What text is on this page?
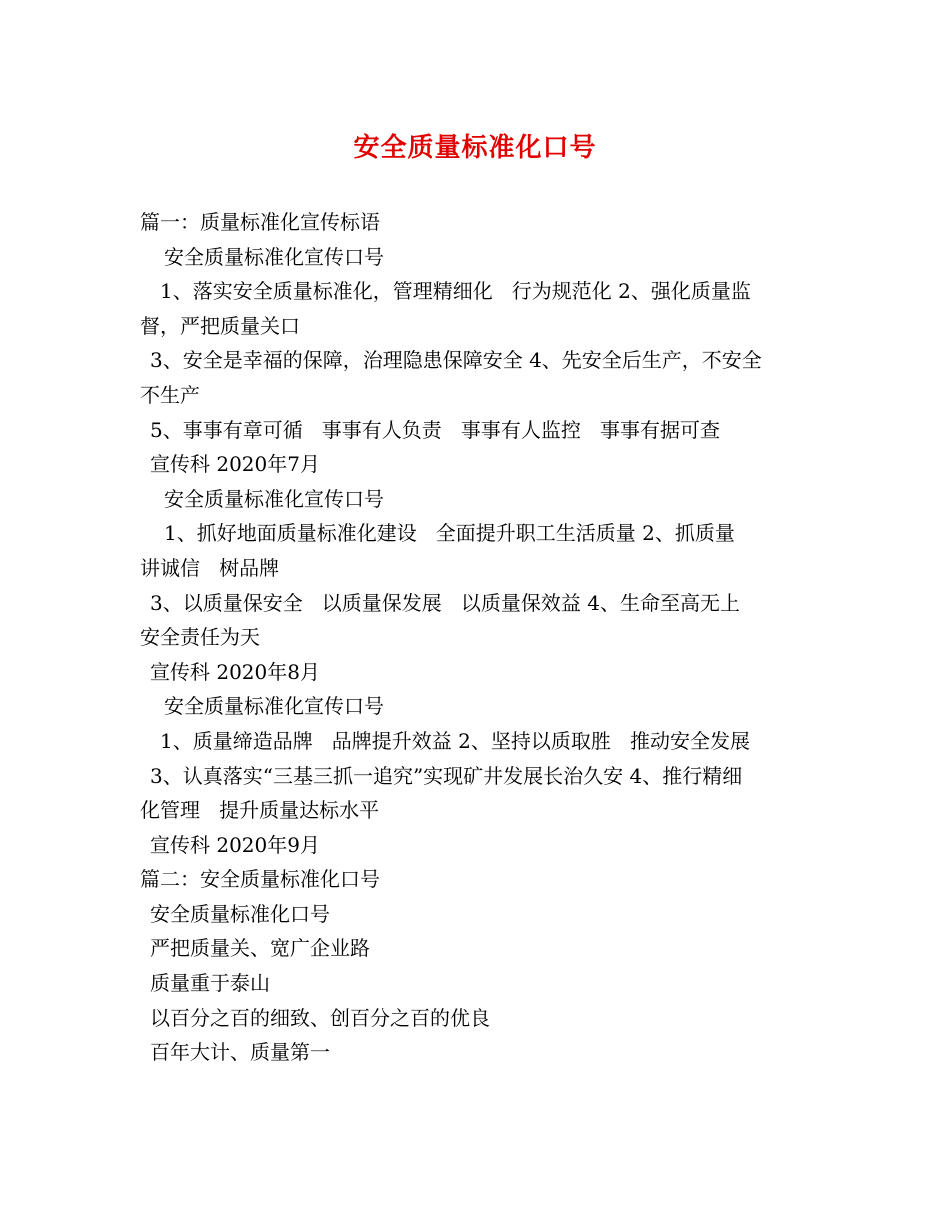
安全质量标准化口号
篇一：质量标准化宣传标语
安全质量标准化宣传口号
1、落实安全质量标准化，管理精细化   行为规范化 2、强化质量监
督，严把质量关口
3、安全是幸福的保障，治理隐患保障安全 4、先安全后生产，不安全
不生产
5、事事有章可循   事事有人负责   事事有人监控   事事有据可查
宣传科 2020年7月
安全质量标准化宣传口号
1、抓好地面质量标准化建设   全面提升职工生活质量 2、抓质量
讲诚信   树品牌
3、以质量保安全   以质量保发展   以质量保效益 4、生命至高无上
安全责任为天
宣传科 2020年8月
安全质量标准化宣传口号
1、质量缔造品牌   品牌提升效益 2、坚持以质取胜   推动安全发展
3、认真落实“三基三抓一追究”实现矿井发展长治久安 4、推行精细
化管理   提升质量达标水平
宣传科 2020年9月
篇二：安全质量标准化口号
安全质量标准化口号
严把质量关、宽广企业路
质量重于泰山
以百分之百的细致、创百分之百的优良
百年大计、质量第一
